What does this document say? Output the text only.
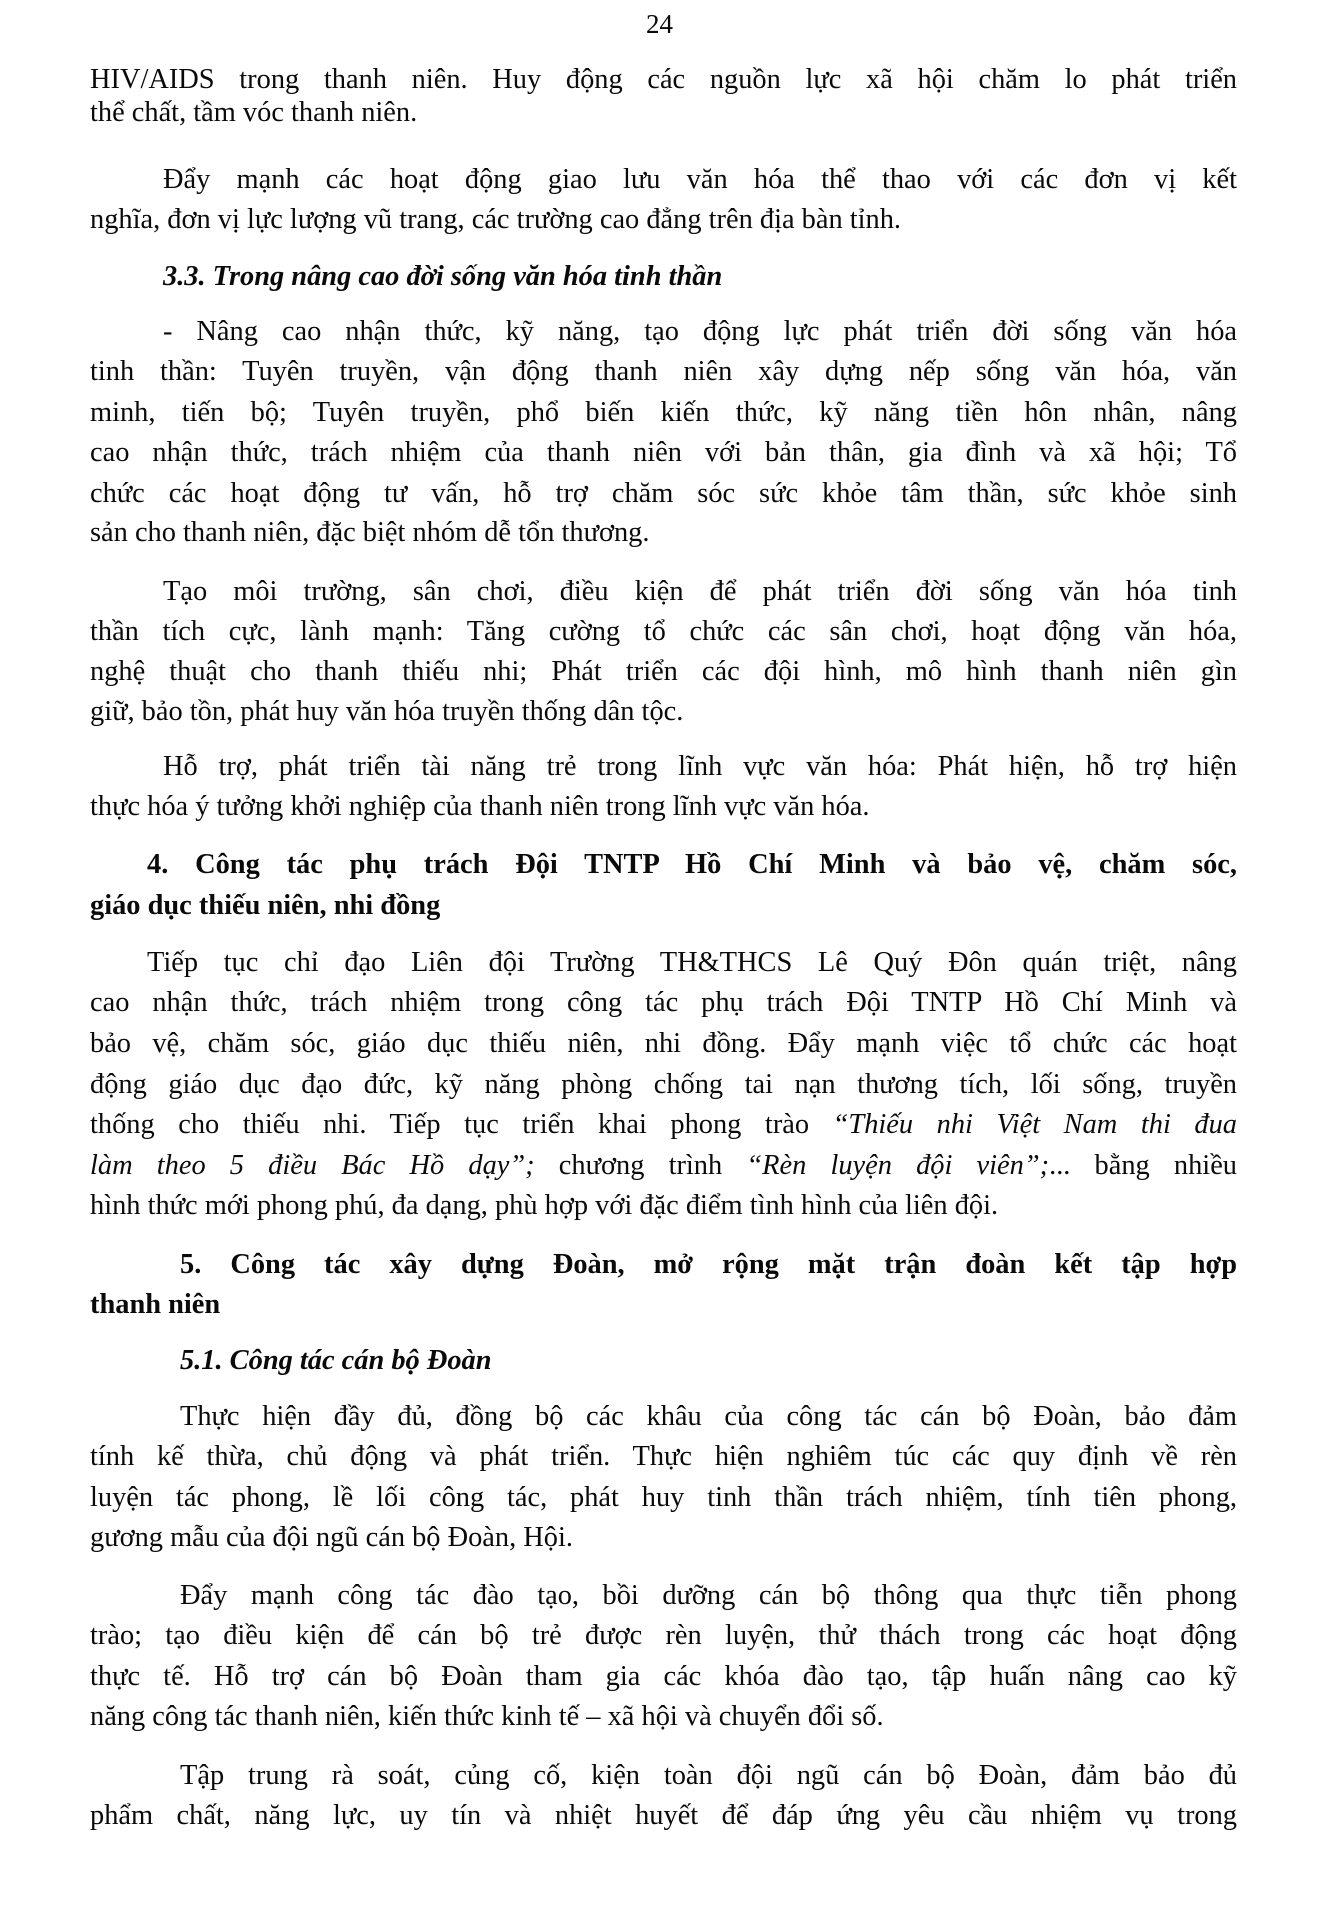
24
HIV/AIDS trong thanh niên. Huy động các nguồn lực xã hội chăm lo phát triển
thể chất, tầm vóc thanh niên.
Đẩy mạnh các hoạt động giao lưu văn hóa thể thao với các đơn vị kết
nghĩa, đơn vị lực lượng vũ trang, các trường cao đẳng trên địa bàn tỉnh.
3.3. Trong nâng cao đời sống văn hóa tinh thần
- Nâng cao nhận thức, kỹ năng, tạo động lực phát triển đời sống văn hóa
tinh thần: Tuyên truyền, vận động thanh niên xây dựng nếp sống văn hóa, văn
minh, tiến bộ; Tuyên truyền, phổ biến kiến thức, kỹ năng tiền hôn nhân, nâng
cao nhận thức, trách nhiệm của thanh niên với bản thân, gia đình và xã hội; Tổ
chức các hoạt động tư vấn, hỗ trợ chăm sóc sức khỏe tâm thần, sức khỏe sinh
sản cho thanh niên, đặc biệt nhóm dễ tổn thương.
Tạo môi trường, sân chơi, điều kiện để phát triển đời sống văn hóa tinh
thần tích cực, lành mạnh: Tăng cường tổ chức các sân chơi, hoạt động văn hóa,
nghệ thuật cho thanh thiếu nhi; Phát triển các đội hình, mô hình thanh niên gìn
giữ, bảo tồn, phát huy văn hóa truyền thống dân tộc.
Hỗ trợ, phát triển tài năng trẻ trong lĩnh vực văn hóa: Phát hiện, hỗ trợ hiện
thực hóa ý tưởng khởi nghiệp của thanh niên trong lĩnh vực văn hóa.
4. Công tác phụ trách Đội TNTP Hồ Chí Minh và bảo vệ, chăm sóc,
giáo dục thiếu niên, nhi đồng
Tiếp tục chỉ đạo Liên đội Trường TH&THCS Lê Quý Đôn quán triệt, nâng
cao nhận thức, trách nhiệm trong công tác phụ trách Đội TNTP Hồ Chí Minh và
bảo vệ, chăm sóc, giáo dục thiếu niên, nhi đồng. Đẩy mạnh việc tổ chức các hoạt
động giáo dục đạo đức, kỹ năng phòng chống tai nạn thương tích, lối sống, truyền
thống cho thiếu nhi. Tiếp tục triển khai phong trào “Thiếu nhi Việt Nam thi đua
làm theo 5 điều Bác Hồ dạy”; chương trình “Rèn luyện đội viên”;... bằng nhiều
hình thức mới phong phú, đa dạng, phù hợp với đặc điểm tình hình của liên đội.
5. Công tác xây dựng Đoàn, mở rộng mặt trận đoàn kết tập hợp
thanh niên
5.1. Công tác cán bộ Đoàn
Thực hiện đầy đủ, đồng bộ các khâu của công tác cán bộ Đoàn, bảo đảm
tính kế thừa, chủ động và phát triển. Thực hiện nghiêm túc các quy định về rèn
luyện tác phong, lề lối công tác, phát huy tinh thần trách nhiệm, tính tiên phong,
gương mẫu của đội ngũ cán bộ Đoàn, Hội.
Đẩy mạnh công tác đào tạo, bồi dưỡng cán bộ thông qua thực tiễn phong
trào; tạo điều kiện để cán bộ trẻ được rèn luyện, thử thách trong các hoạt động
thực tế. Hỗ trợ cán bộ Đoàn tham gia các khóa đào tạo, tập huấn nâng cao kỹ
năng công tác thanh niên, kiến thức kinh tế – xã hội và chuyển đổi số.
Tập trung rà soát, củng cố, kiện toàn đội ngũ cán bộ Đoàn, đảm bảo đủ
phẩm chất, năng lực, uy tín và nhiệt huyết để đáp ứng yêu cầu nhiệm vụ trong
